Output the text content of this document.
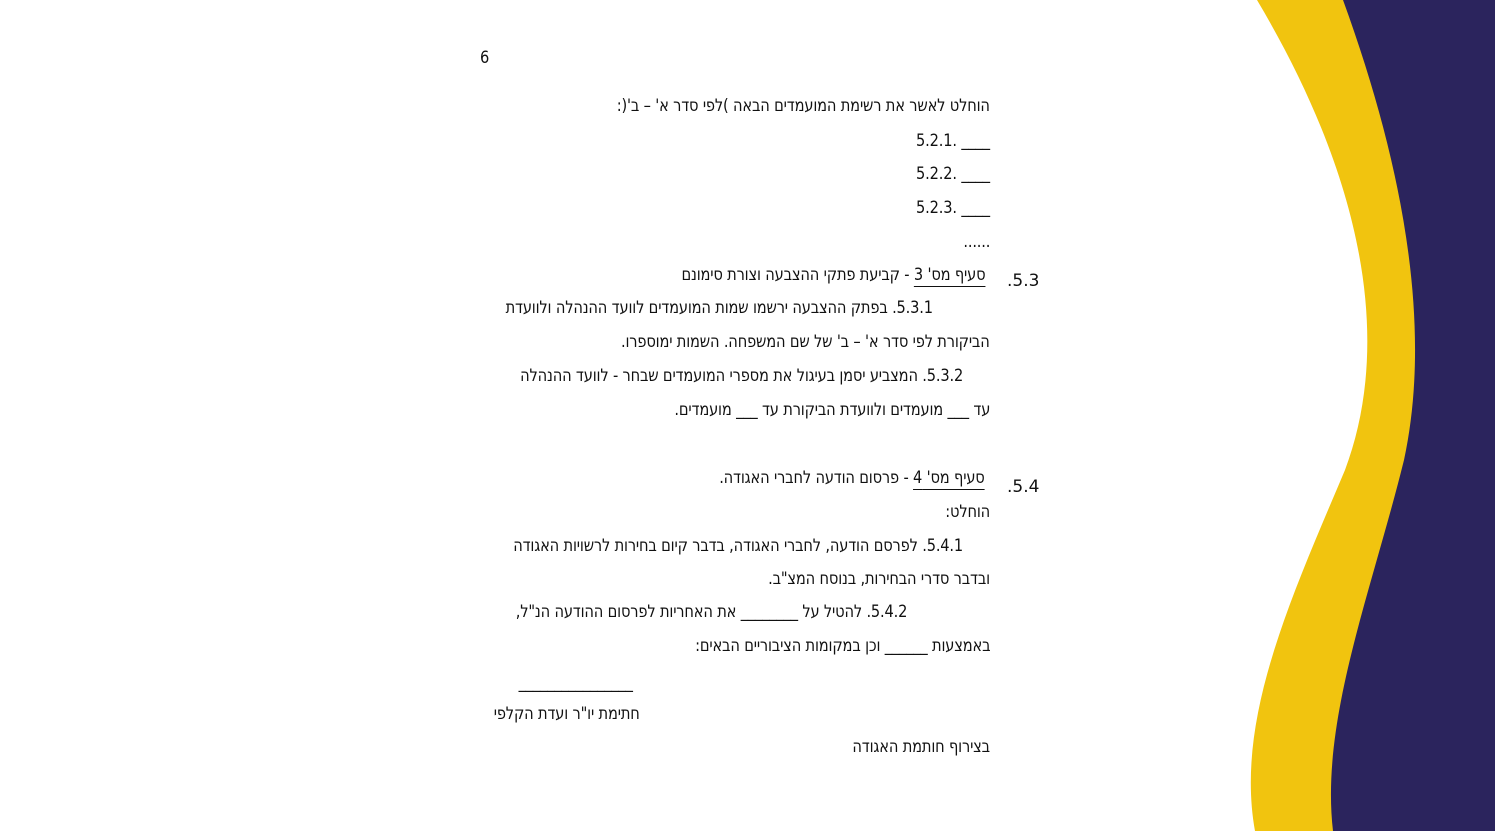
6
הוחלט לאשר את רשימת המועמדים הבאה )לפי סדר א' – ב'(:
____ .5.2.1
____ .5.2.2
____ .5.2.3
......
.5.3
סעיף מס' 3 - קביעת פתקי ההצבעה וצורת סימונם
5.3.1. בפתק ההצבעה ירשמו שמות המועמדים לוועד ההנהלה ולוועדת
הביקורת לפי סדר א' – ב' של שם המשפחה. השמות ימוספרו.
5.3.2. המצביע יסמן בעיגול את מספרי המועמדים שבחר - לוועד ההנהלה
עד ___ מועמדים ולוועדת הביקורת עד ___ מועמדים.
.5.4
סעיף מס' 4 - פרסום הודעה לחברי האגודה.
הוחלט:
5.4.1. לפרסם הודעה, לחברי האגודה, בדבר קיום בחירות לרשויות האגודה
ובדבר סדרי הבחירות, בנוסח המצ"ב.
5.4.2. להטיל על ________ את האחריות לפרסום ההודעה הנ"ל,
באמצעות ______ וכן במקומות הציבוריים הבאים:
________________
חתימת יו"ר ועדת הקלפי
בצירוף חותמת האגודה
